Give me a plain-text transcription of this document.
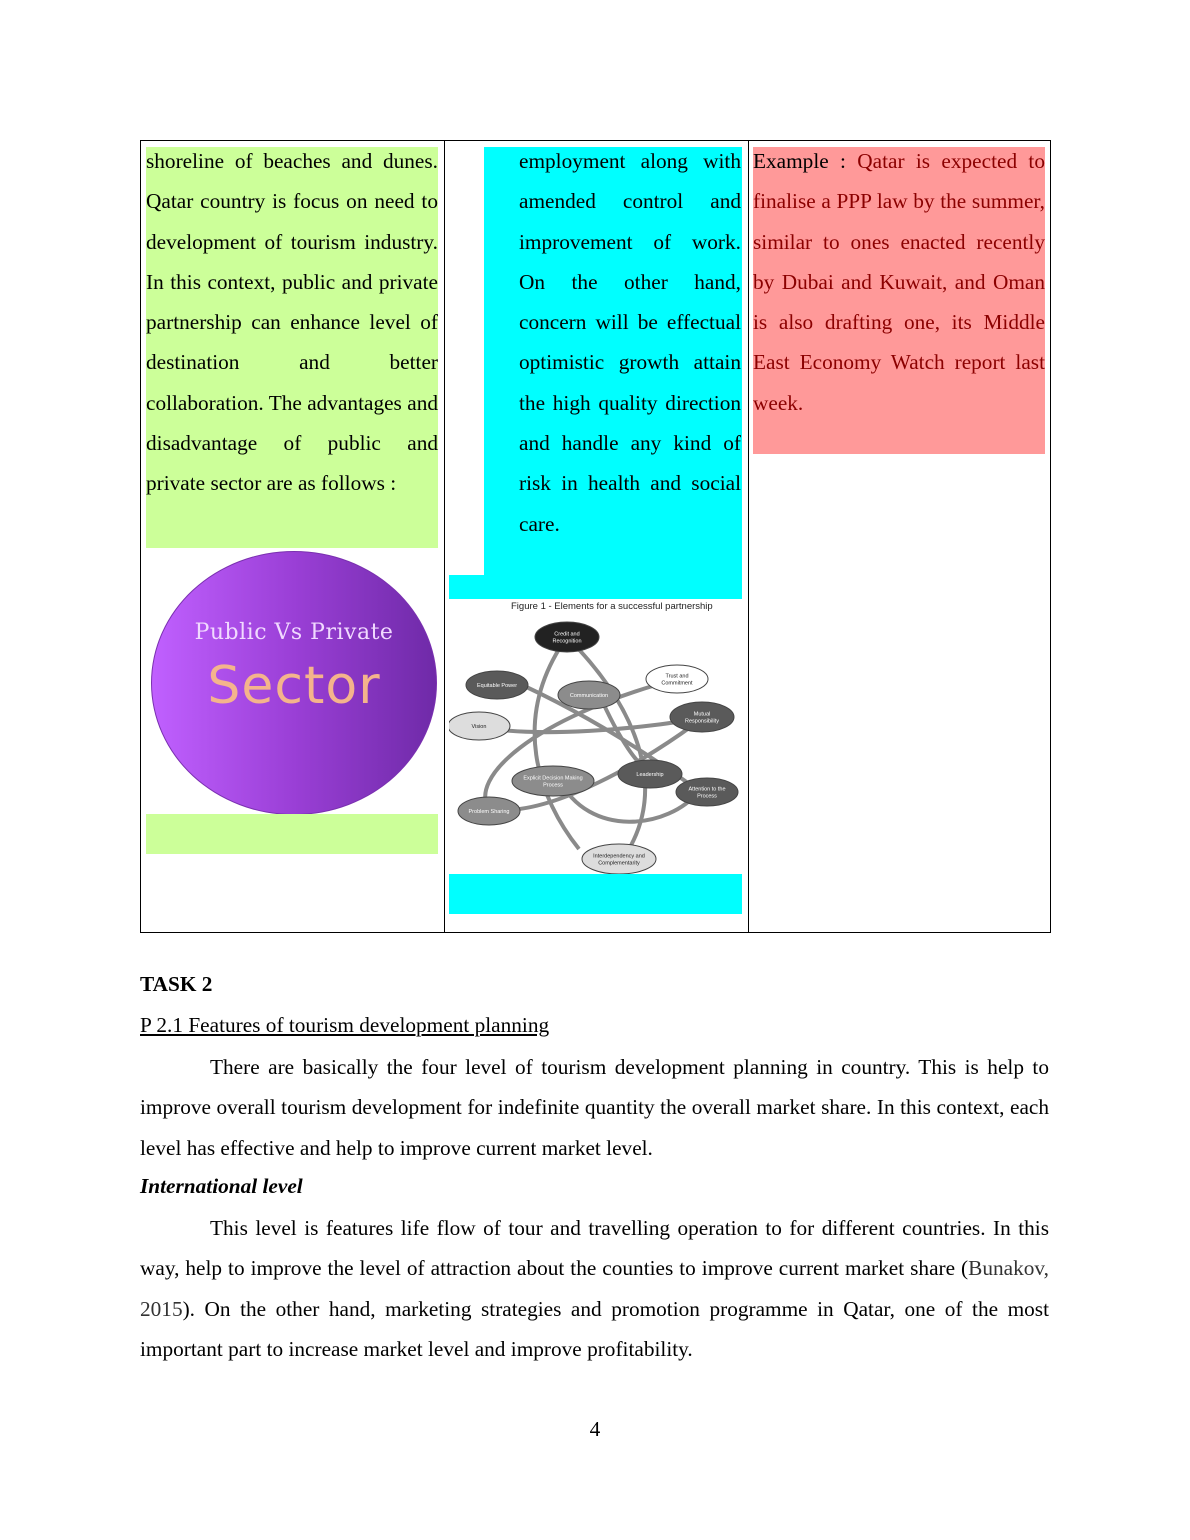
shoreline of beaches and dunes. Qatar country is focus on need to development of tourism industry. In this context, public and private partnership can enhance level of destination and better collaboration. The advantages and disadvantage of public and private sector are as follows :
Public Vs Private
Sector
employment along with amended control and improvement of work. On the other hand, concern will be effectual optimistic growth attain the high quality direction and handle any kind of risk in health and social care.
Figure 1 - Elements for a successful partnership
Credit and
Recognition
Trust and
Commitment
Equitable Power
Communication
Mutual
Responsibility
Vision
Explicit Decision Making
Process
Leadership
Attention to the
Process
Problem Sharing
Interdependency and
Complementarity
Example : Qatar is expected to finalise a PPP law by the summer, similar to ones enacted recently by Dubai and Kuwait, and Oman is also drafting one, its Middle East Economy Watch report last week.
TASK 2
P 2.1 Features of tourism development planning
There are basically the four level of tourism development planning in country. This is help to improve overall tourism development for indefinite quantity the overall market share. In this context, each level has effective and help to improve current market level.
International level
This level is features life flow of tour and travelling operation to for different countries. In this way, help to improve the level of attraction about the counties to improve current market share (Bunakov, 2015). On the other hand, marketing strategies and promotion programme in Qatar, one of the most important part to increase market level and improve profitability.
4
